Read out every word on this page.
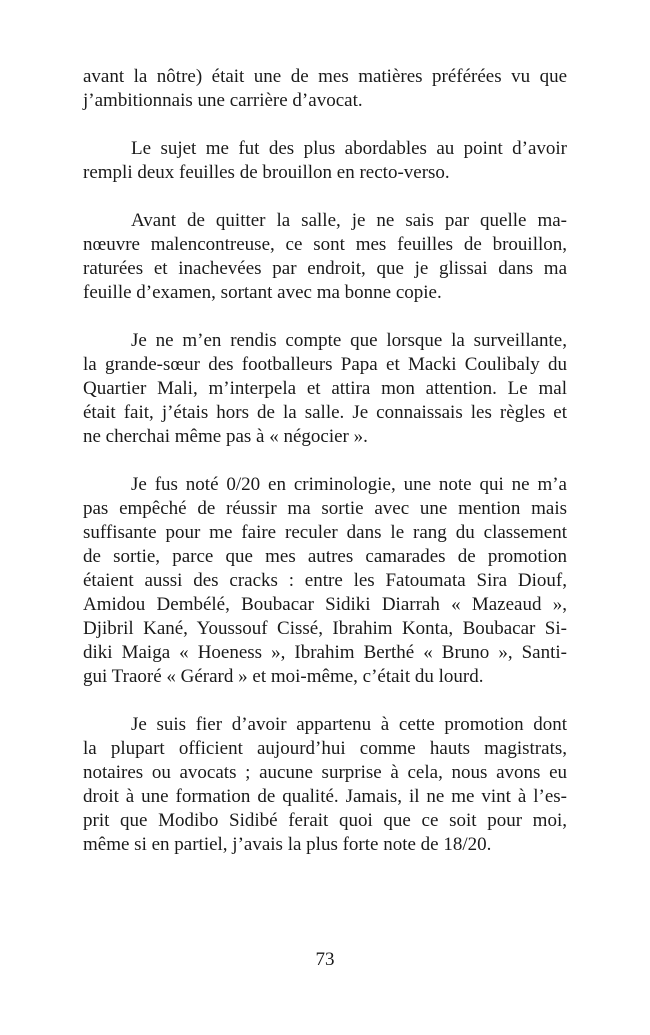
avant la nôtre) était une de mes matières préférées vu que
j’ambitionnais une carrière d’avocat.

Le sujet me fut des plus abordables au point d’avoir
rempli deux feuilles de brouillon en recto-verso.

Avant de quitter la salle, je ne sais par quelle ma-
nœuvre malencontreuse, ce sont mes feuilles de brouillon,
raturées et inachevées par endroit, que je glissai dans ma
feuille d’examen, sortant avec ma bonne copie.

Je ne m’en rendis compte que lorsque la surveillante,
la grande-sœur des footballeurs Papa et Macki Coulibaly du
Quartier Mali, m’interpela et attira mon attention. Le mal
était fait, j’étais hors de la salle. Je connaissais les règles et
ne cherchai même pas à « négocier ».

Je fus noté 0/20 en criminologie, une note qui ne m’a
pas empêché de réussir ma sortie avec une mention mais
suffisante pour me faire reculer dans le rang du classement
de sortie, parce que mes autres camarades de promotion
étaient aussi des cracks : entre les Fatoumata Sira Diouf,
Amidou Dembélé, Boubacar Sidiki Diarrah « Mazeaud »,
Djibril Kané, Youssouf Cissé, Ibrahim Konta, Boubacar Si-
diki Maiga « Hoeness », Ibrahim Berthé « Bruno », Santi-
gui Traoré « Gérard » et moi-même, c’était du lourd.

Je suis fier d’avoir appartenu à cette promotion dont
la plupart officient aujourd’hui comme hauts magistrats,
notaires ou avocats ; aucune surprise à cela, nous avons eu
droit à une formation de qualité. Jamais, il ne me vint à l’es-
prit que Modibo Sidibé ferait quoi que ce soit pour moi,
même si en partiel, j’avais la plus forte note de 18/20.

73
